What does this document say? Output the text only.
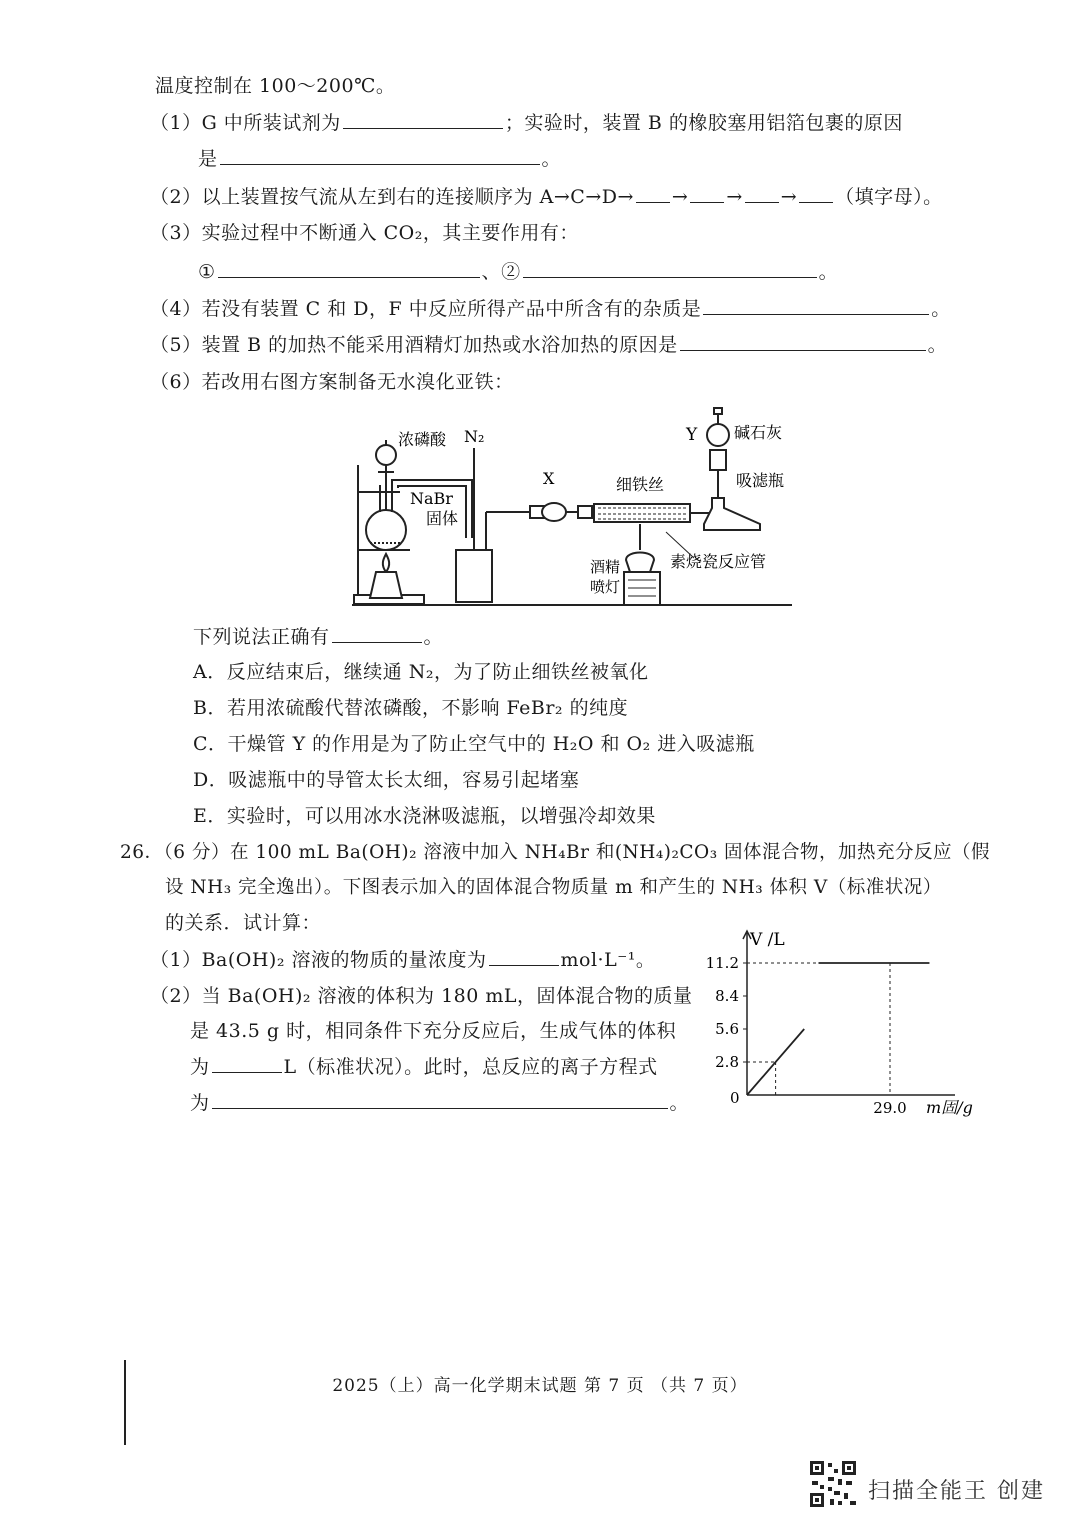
温度控制在 100～200℃。
（1）G 中所装试剂为	；实验时，装置 B 的橡胶塞用铝箔包裹的原因
是	。
（2）以上装置按气流从左到右的连接顺序为 A→C→D→ → → → （填字母）。
（3）实验过程中不断通入 CO₂，其主要作用有：
①	、②	。
（4）若没有装置 C 和 D，F 中反应所得产品中所含有的杂质是	。
（5）装置 B 的加热不能采用酒精灯加热或水浴加热的原因是	。
（6）若改用右图方案制备无水溴化亚铁：
浓磷酸 N₂
NaBr
固体
X	细铁丝
Y 碱石灰
吸滤瓶
素烧瓷反应管
酒精
喷灯
下列说法正确有	。
A．反应结束后，继续通 N₂，为了防止细铁丝被氧化
B．若用浓硫酸代替浓磷酸，不影响 FeBr₂ 的纯度
C．干燥管 Y 的作用是为了防止空气中的 H₂O 和 O₂ 进入吸滤瓶
D．吸滤瓶中的导管太长太细，容易引起堵塞
E．实验时，可以用冰水浇淋吸滤瓶，以增强冷却效果
26．（6 分）在 100 mL Ba(OH)₂ 溶液中加入 NH₄Br 和(NH₄)₂CO₃ 固体混合物，加热充分反应（假
设 NH₃ 完全逸出）。下图表示加入的固体混合物质量 m 和产生的 NH₃ 体积 V（标准状况）
的关系．试计算：
（1）Ba(OH)₂ 溶液的物质的量浓度为	mol·L⁻¹。
（2）当 Ba(OH)₂ 溶液的体积为 180 mL，固体混合物的质量
是 43.5 g 时，相同条件下充分反应后，生成气体的体积
为	L（标准状况）。此时，总反应的离子方程式
为	。
V /L
m固/g
0
11.2
8.4
5.6
2.8
29.0
2025（上）高一化学期末试题 第 7 页 （共 7 页）
扫描全能王 创建
